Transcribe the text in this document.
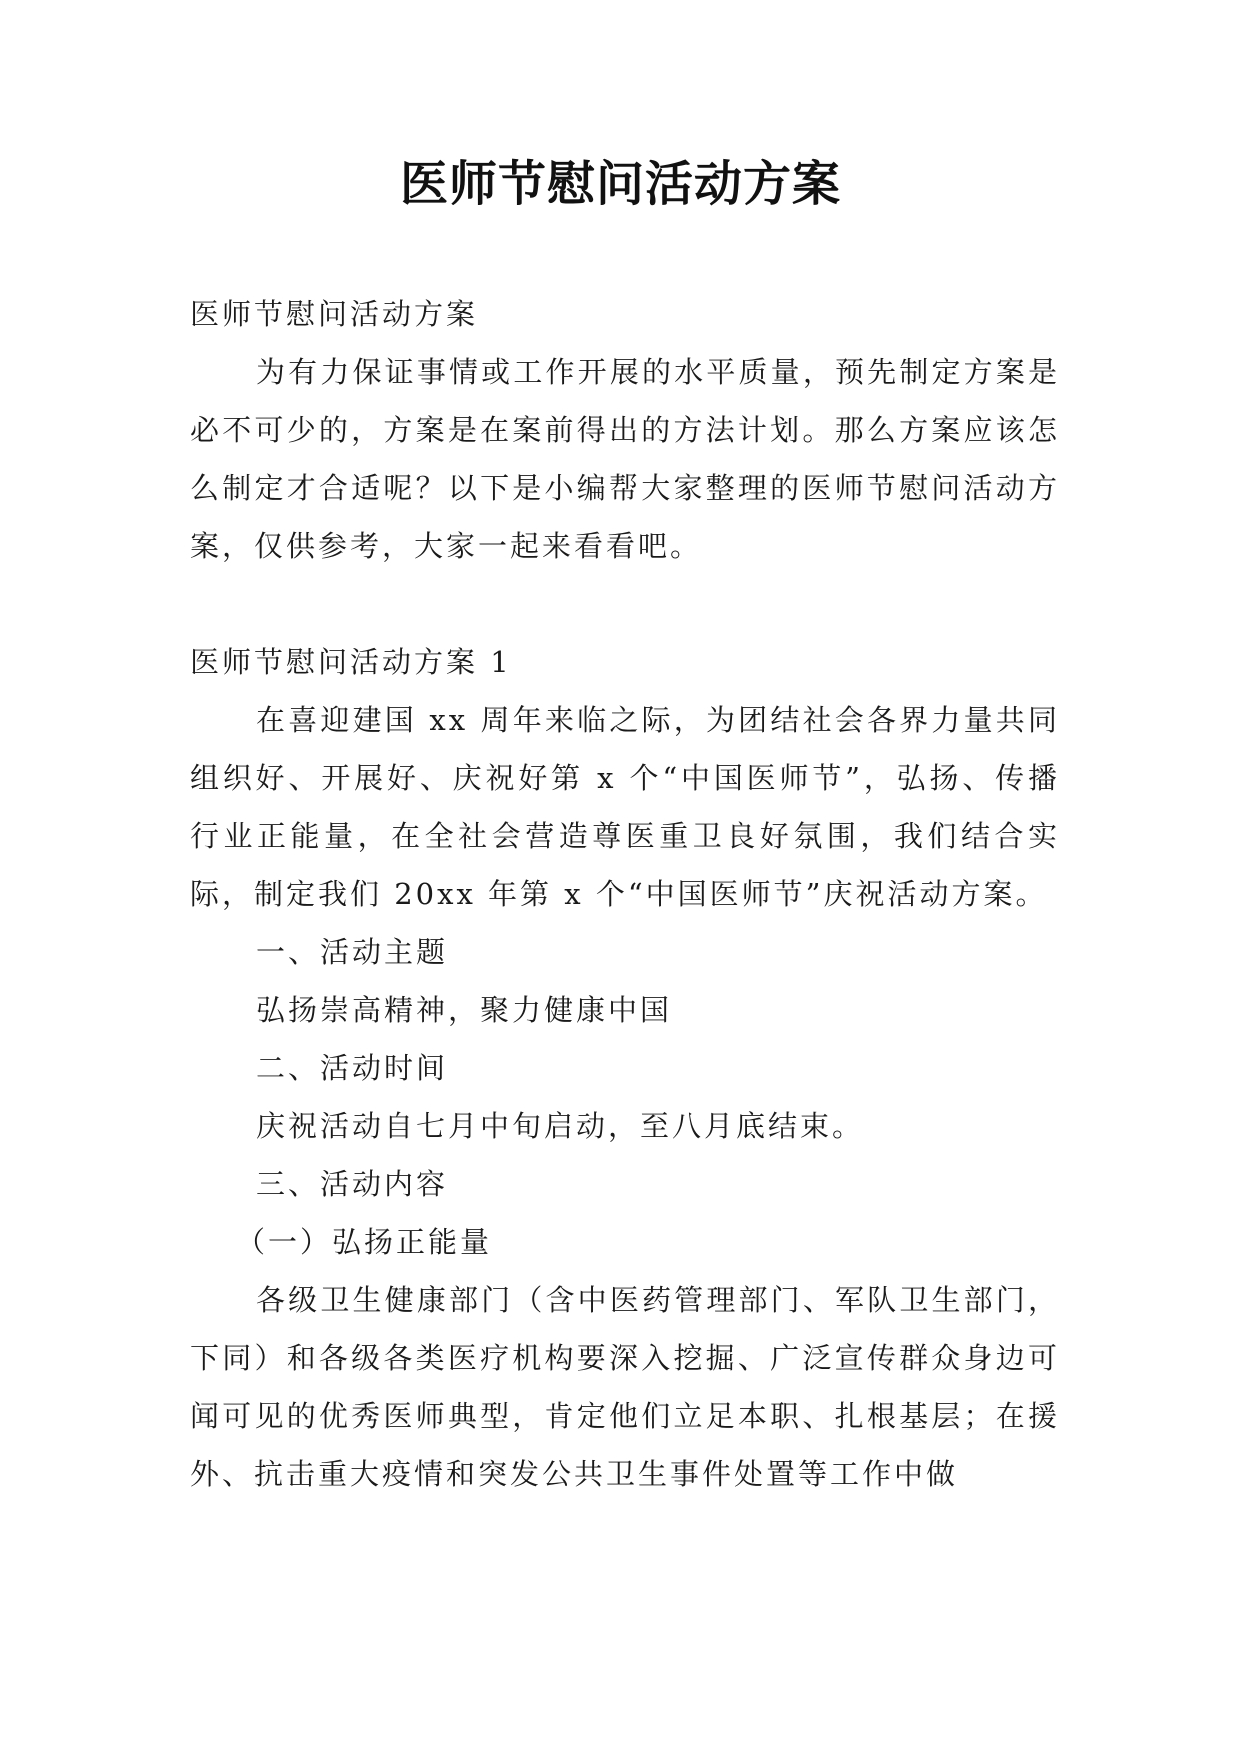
医师节慰问活动方案

医师节慰问活动方案

为有力保证事情或工作开展的水平质量，预先制定方案是必不可少的，方案是在案前得出的方法计划。那么方案应该怎么制定才合适呢？以下是小编帮大家整理的医师节慰问活动方案，仅供参考，大家一起来看看吧。

医师节慰问活动方案 1

在喜迎建国 xx 周年来临之际，为团结社会各界力量共同组织好、开展好、庆祝好第 x 个“中国医师节”，弘扬、传播行业正能量，在全社会营造尊医重卫良好氛围，我们结合实际，制定我们 20xx 年第 x 个“中国医师节”庆祝活动方案。

一、活动主题

弘扬崇高精神，聚力健康中国

二、活动时间

庆祝活动自七月中旬启动，至八月底结束。

三、活动内容

（一）弘扬正能量

各级卫生健康部门（含中医药管理部门、军队卫生部门，下同）和各级各类医疗机构要深入挖掘、广泛宣传群众身边可闻可见的优秀医师典型，肯定他们立足本职、扎根基层；在援外、抗击重大疫情和突发公共卫生事件处置等工作中做
